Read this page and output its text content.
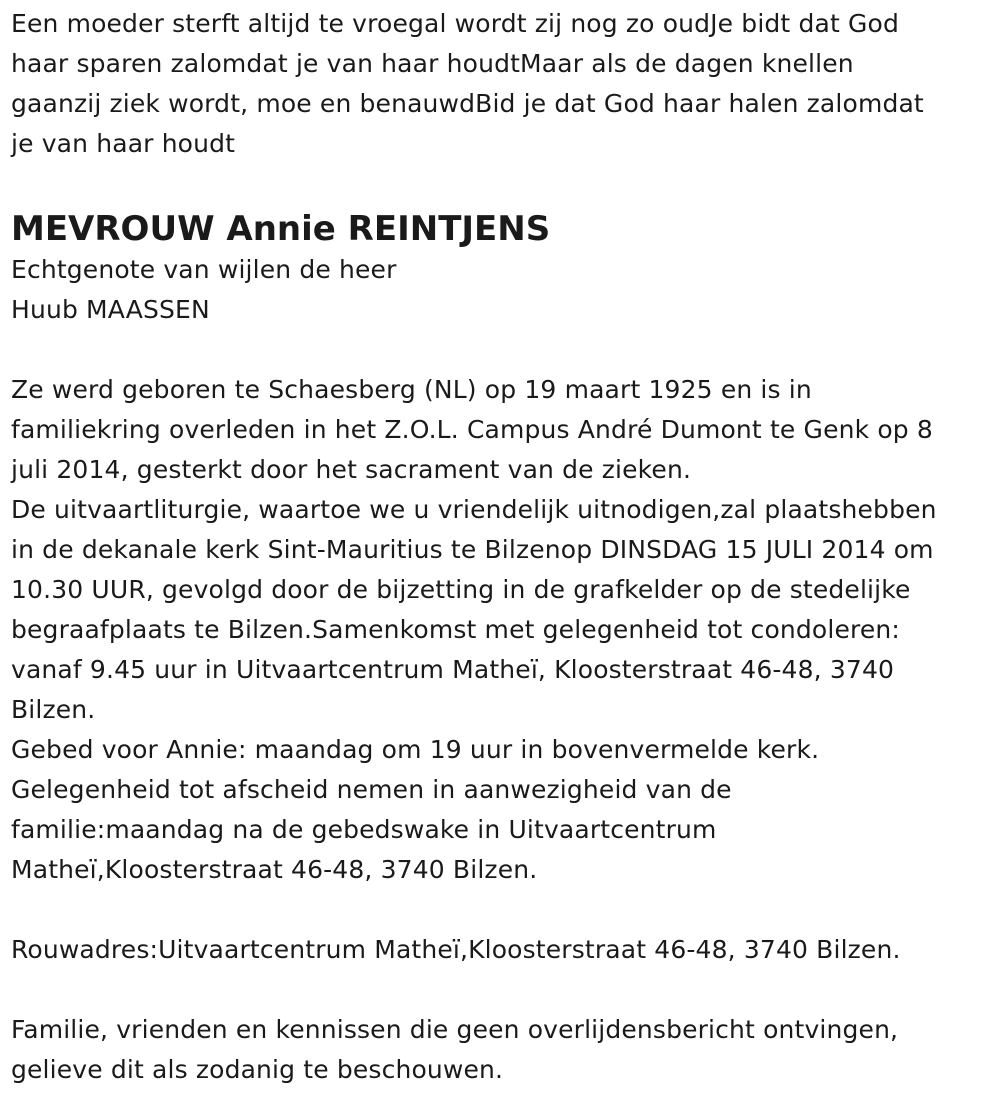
Een moeder sterft altijd te vroegal wordt zij nog zo oudJe bidt dat God
haar sparen zalomdat je van haar houdtMaar als de dagen knellen
gaanzij ziek wordt, moe en benauwdBid je dat God haar halen zalomdat
je van haar houdt
MEVROUW Annie REINTJENS
Echtgenote van wijlen de heer
Huub MAASSEN
Ze werd geboren te Schaesberg (NL) op 19 maart 1925 en is in
familiekring overleden in het Z.O.L. Campus André Dumont te Genk op 8
juli 2014, gesterkt door het sacrament van de zieken.
De uitvaartliturgie, waartoe we u vriendelijk uitnodigen,zal plaatshebben
in de dekanale kerk Sint-Mauritius te Bilzenop DINSDAG 15 JULI 2014 om
10.30 UUR, gevolgd door de bijzetting in de grafkelder op de stedelijke
begraafplaats te Bilzen.Samenkomst met gelegenheid tot condoleren:
vanaf 9.45 uur in Uitvaartcentrum Matheï, Kloosterstraat 46-48, 3740
Bilzen.
Gebed voor Annie: maandag om 19 uur in bovenvermelde kerk.
Gelegenheid tot afscheid nemen in aanwezigheid van de
familie:maandag na de gebedswake in Uitvaartcentrum
Matheï,Kloosterstraat 46-48, 3740 Bilzen.
Rouwadres:Uitvaartcentrum Matheï,Kloosterstraat 46-48, 3740 Bilzen.
Familie, vrienden en kennissen die geen overlijdensbericht ontvingen,
gelieve dit als zodanig te beschouwen.
